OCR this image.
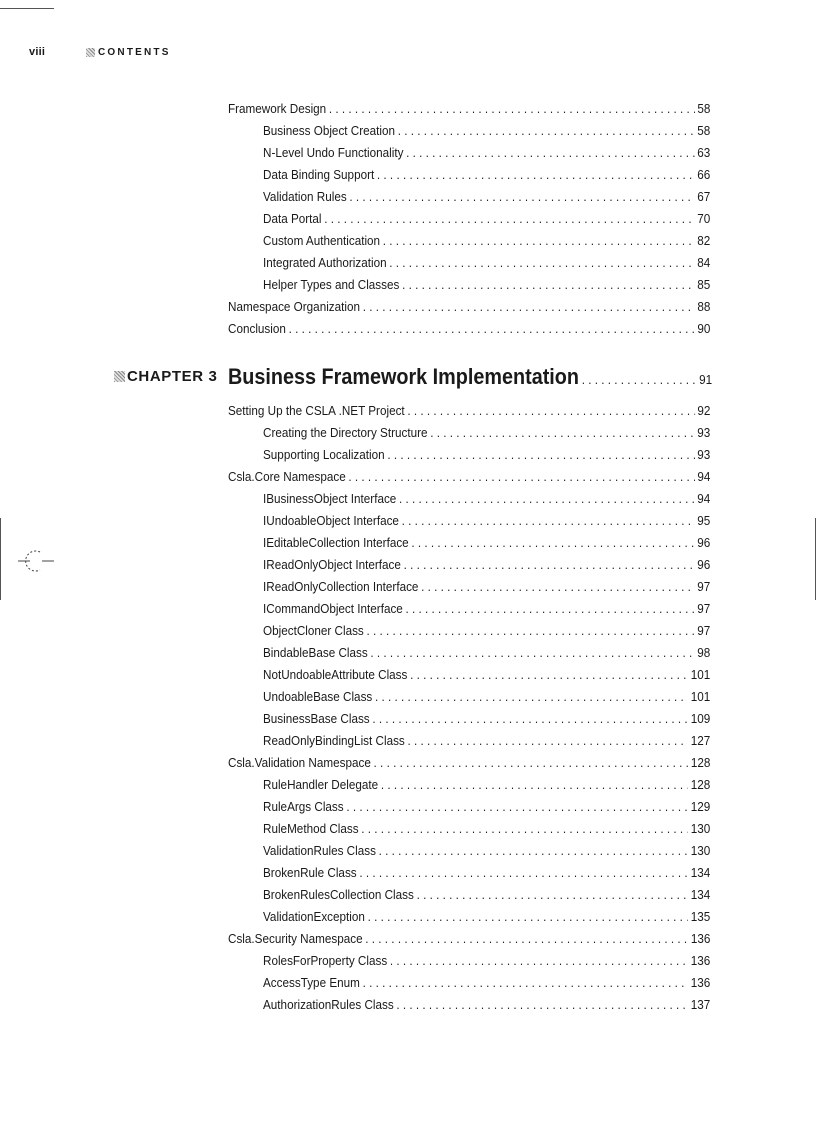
viii	CONTENTS
Framework Design . . .	58
Business Object Creation . . .	58
N-Level Undo Functionality . . .	63
Data Binding Support . . .	66
Validation Rules . . .	67
Data Portal . . .	70
Custom Authentication . . .	82
Integrated Authorization . . .	84
Helper Types and Classes . . .	85
Namespace Organization . . .	88
Conclusion . . .	90
CHAPTER 3 Business Framework Implementation . . .	91
Setting Up the CSLA .NET Project . . .	92
Creating the Directory Structure . . .	93
Supporting Localization . . .	93
Csla.Core Namespace . . .	94
IBusinessObject Interface . . .	94
IUndoableObject Interface . . .	95
IEditableCollection Interface . . .	96
IReadOnlyObject Interface . . .	96
IReadOnlyCollection Interface . . .	97
ICommandObject Interface . . .	97
ObjectCloner Class . . .	97
BindableBase Class . . .	98
NotUndoableAttribute Class . . .	101
UndoableBase Class . . .	101
BusinessBase Class . . .	109
ReadOnlyBindingList Class . . .	127
Csla.Validation Namespace . . .	128
RuleHandler Delegate . . .	128
RuleArgs Class . . .	129
RuleMethod Class . . .	130
ValidationRules Class . . .	130
BrokenRule Class . . .	134
BrokenRulesCollection Class . . .	134
ValidationException . . .	135
Csla.Security Namespace . . .	136
RolesForProperty Class . . .	136
AccessType Enum . . .	136
AuthorizationRules Class . . .	137
